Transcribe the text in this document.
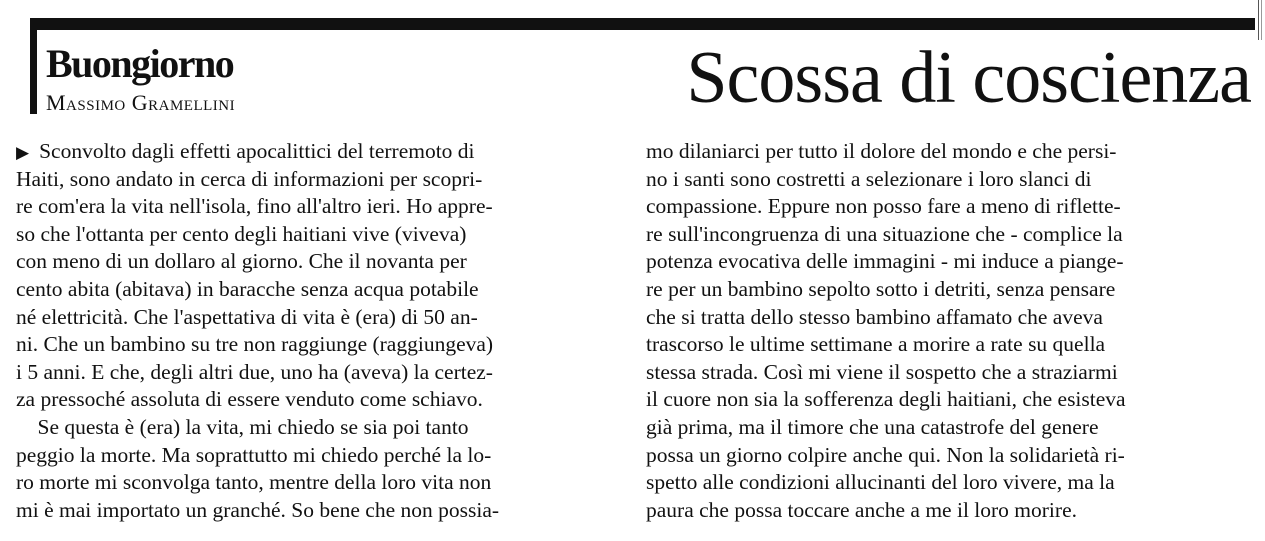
Buongiorno
Massimo Gramellini	Scossa di coscienza
▶ Sconvolto dagli effetti apocalittici del terremoto di
Haiti, sono andato in cerca di informazioni per scopri-
re com'era la vita nell'isola, fino all'altro ieri. Ho appre-
so che l'ottanta per cento degli haitiani vive (viveva)
con meno di un dollaro al giorno. Che il novanta per
cento abita (abitava) in baracche senza acqua potabile
né elettricità. Che l'aspettativa di vita è (era) di 50 an-
ni. Che un bambino su tre non raggiunge (raggiungeva)
i 5 anni. E che, degli altri due, uno ha (aveva) la certez-
za pressoché assoluta di essere venduto come schiavo.
Se questa è (era) la vita, mi chiedo se sia poi tanto
peggio la morte. Ma soprattutto mi chiedo perché la lo-
ro morte mi sconvolga tanto, mentre della loro vita non
mi è mai importato un granché. So bene che non possia-
mo dilaniarci per tutto il dolore del mondo e che persi-
no i santi sono costretti a selezionare i loro slanci di
compassione. Eppure non posso fare a meno di riflette-
re sull'incongruenza di una situazione che - complice la
potenza evocativa delle immagini - mi induce a piange-
re per un bambino sepolto sotto i detriti, senza pensare
che si tratta dello stesso bambino affamato che aveva
trascorso le ultime settimane a morire a rate su quella
stessa strada. Così mi viene il sospetto che a straziarmi
il cuore non sia la sofferenza degli haitiani, che esisteva
già prima, ma il timore che una catastrofe del genere
possa un giorno colpire anche qui. Non la solidarietà ri-
spetto alle condizioni allucinanti del loro vivere, ma la
paura che possa toccare anche a me il loro morire.
